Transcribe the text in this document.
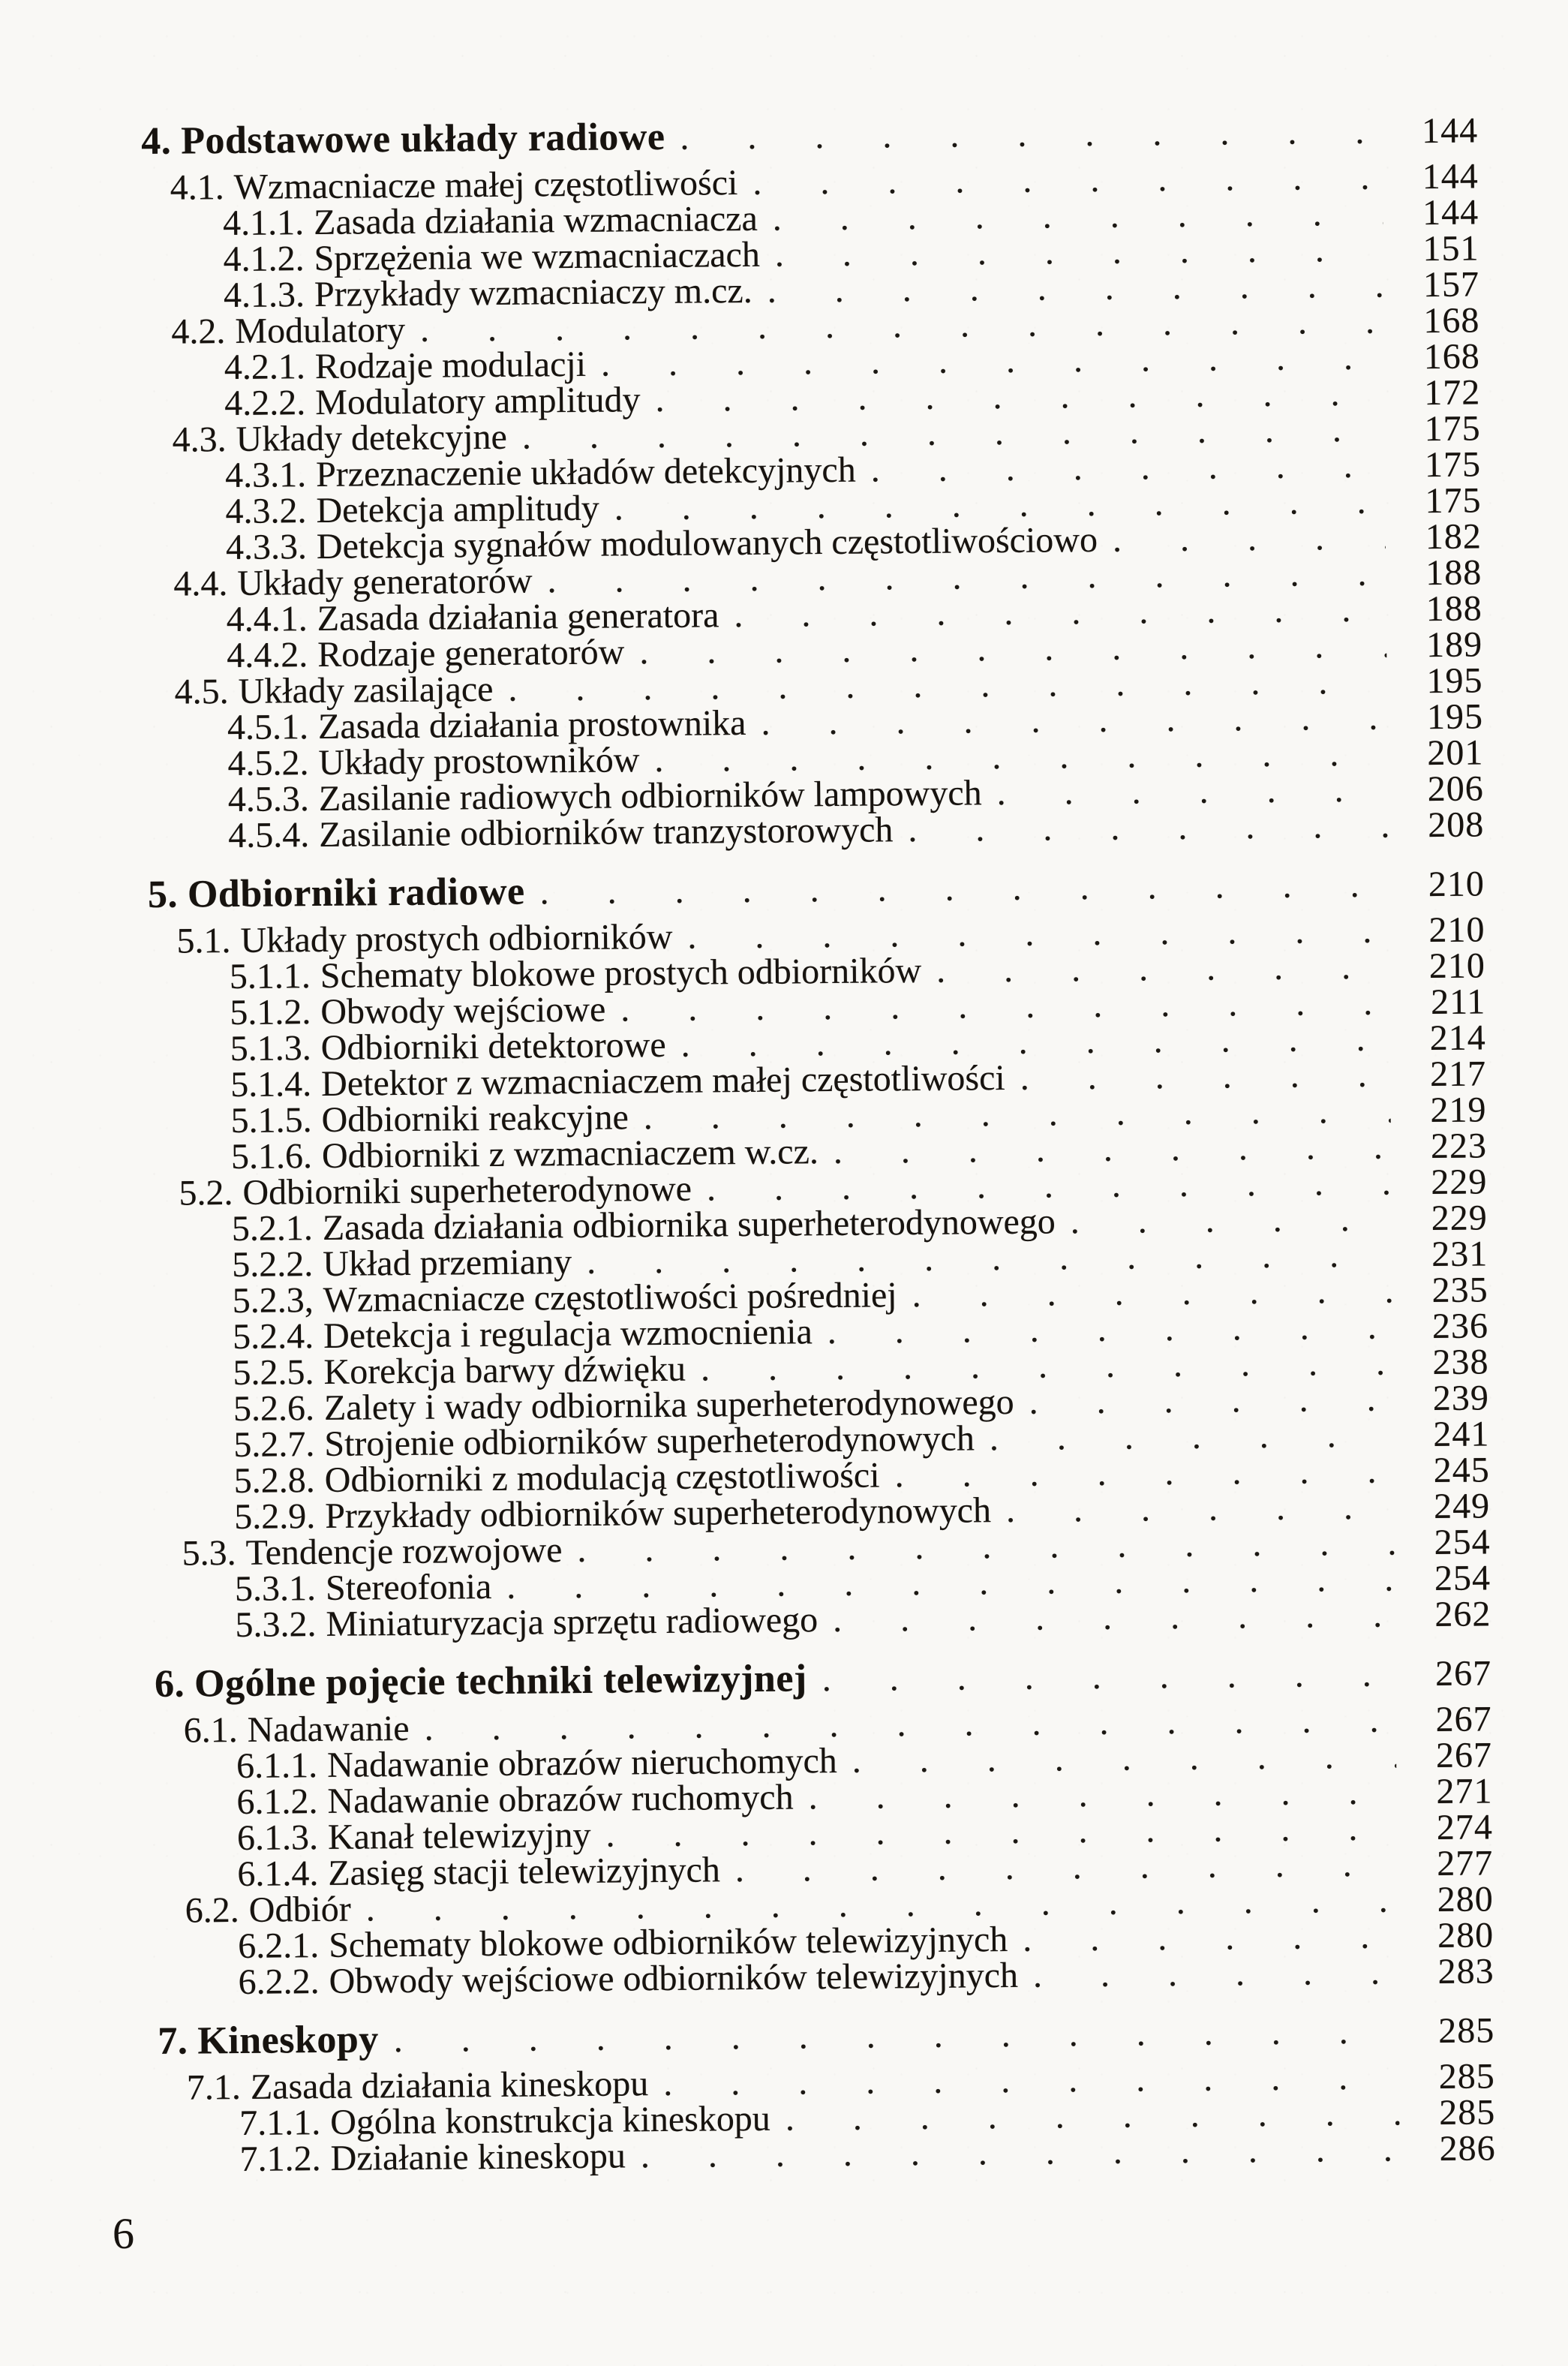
4. Podstawowe układy radiowe . . .	144
4.1. Wzmacniacze małej częstotliwości . . .	144
4.1.1. Zasada działania wzmacniacza . . .	144
4.1.2. Sprzężenia we wzmacniaczach . . .	151
4.1.3. Przykłady wzmacniaczy m.cz. . . .	157
4.2. Modulatory . . .	168
4.2.1. Rodzaje modulacji . . .	168
4.2.2. Modulatory amplitudy . . .	172
4.3. Układy detekcyjne . . .	175
4.3.1. Przeznaczenie układów detekcyjnych . . .	175
4.3.2. Detekcja amplitudy . . .	175
4.3.3. Detekcja sygnałów modulowanych częstotliwościowo . . .	182
4.4. Układy generatorów . . .	188
4.4.1. Zasada działania generatora . . .	188
4.4.2. Rodzaje generatorów . . .	189
4.5. Układy zasilające . . .	195
4.5.1. Zasada działania prostownika . . .	195
4.5.2. Układy prostowników . . .	201
4.5.3. Zasilanie radiowych odbiorników lampowych . . .	206
4.5.4. Zasilanie odbiorników tranzystorowych . . .	208
5. Odbiorniki radiowe . . .	210
5.1. Układy prostych odbiorników . . .	210
5.1.1. Schematy blokowe prostych odbiorników . . .	210
5.1.2. Obwody wejściowe . . .	211
5.1.3. Odbiorniki detektorowe . . .	214
5.1.4. Detektor z wzmacniaczem małej częstotliwości . . .	217
5.1.5. Odbiorniki reakcyjne . . .	219
5.1.6. Odbiorniki z wzmacniaczem w.cz. . . .	223
5.2. Odbiorniki superheterodynowe . . .	229
5.2.1. Zasada działania odbiornika superheterodynowego . . .	229
5.2.2. Układ przemiany . . .	231
5.2.3, Wzmacniacze częstotliwości pośredniej . . .	235
5.2.4. Detekcja i regulacja wzmocnienia . . .	236
5.2.5. Korekcja barwy dźwięku . . .	238
5.2.6. Zalety i wady odbiornika superheterodynowego . . .	239
5.2.7. Strojenie odbiorników superheterodynowych . . .	241
5.2.8. Odbiorniki z modulacją częstotliwości . . .	245
5.2.9. Przykłady odbiorników superheterodynowych . . .	249
5.3. Tendencje rozwojowe . . .	254
5.3.1. Stereofonia . . .	254
5.3.2. Miniaturyzacja sprzętu radiowego . . .	262
6. Ogólne pojęcie techniki telewizyjnej . . .	267
6.1. Nadawanie . . .	267
6.1.1. Nadawanie obrazów nieruchomych . . .	267
6.1.2. Nadawanie obrazów ruchomych . . .	271
6.1.3. Kanał telewizyjny . . .	274
6.1.4. Zasięg stacji telewizyjnych . . .	277
6.2. Odbiór . . .	280
6.2.1. Schematy blokowe odbiorników telewizyjnych . . .	280
6.2.2. Obwody wejściowe odbiorników telewizyjnych . . .	283
7. Kineskopy . . .	285
7.1. Zasada działania kineskopu . . .	285
7.1.1. Ogólna konstrukcja kineskopu . . .	285
7.1.2. Działanie kineskopu . . .	286
6
